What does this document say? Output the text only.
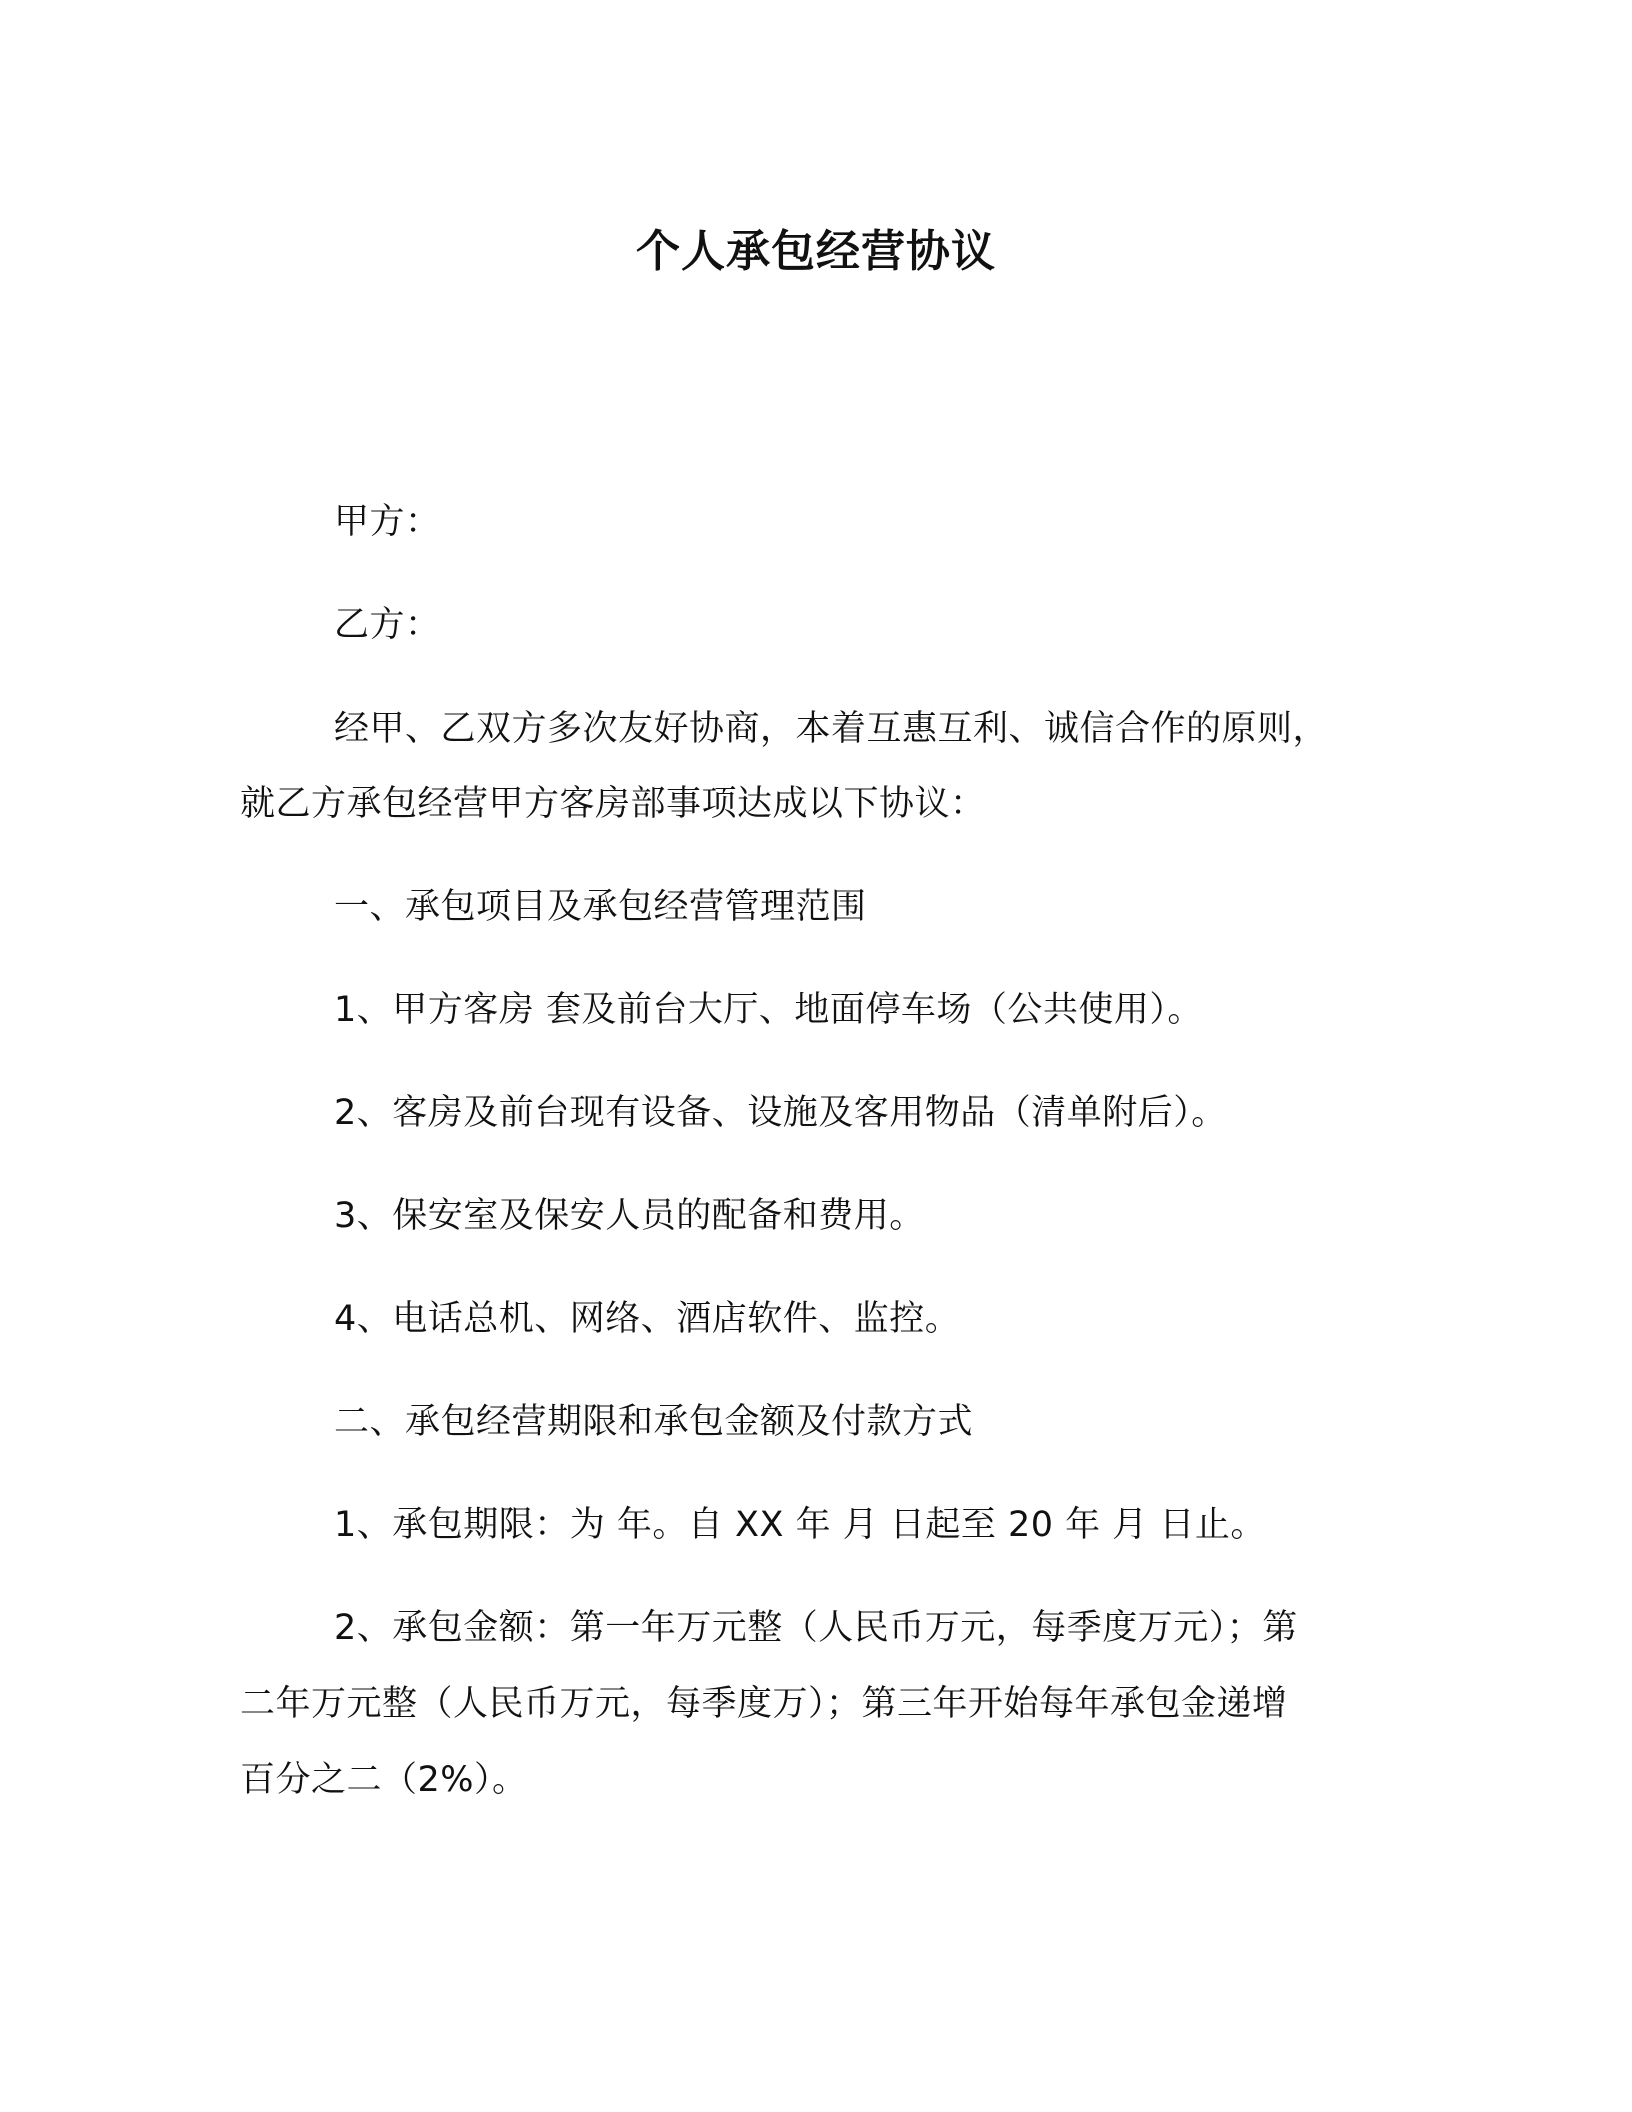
个人承包经营协议
甲方：
乙方：
经甲、乙双方多次友好协商，本着互惠互利、诚信合作的原则，
就乙方承包经营甲方客房部事项达成以下协议：
一、承包项目及承包经营管理范围
1、甲方客房 套及前台大厅、地面停车场（公共使用）。
2、客房及前台现有设备、设施及客用物品（清单附后）。
3、保安室及保安人员的配备和费用。
4、电话总机、网络、酒店软件、监控。
二、承包经营期限和承包金额及付款方式
1、承包期限：为 年。自 XX 年 月 日起至 20 年 月 日止。
2、承包金额：第一年万元整（人民币万元，每季度万元）；第
二年万元整（人民币万元，每季度万）；第三年开始每年承包金递增
百分之二（2%）。
